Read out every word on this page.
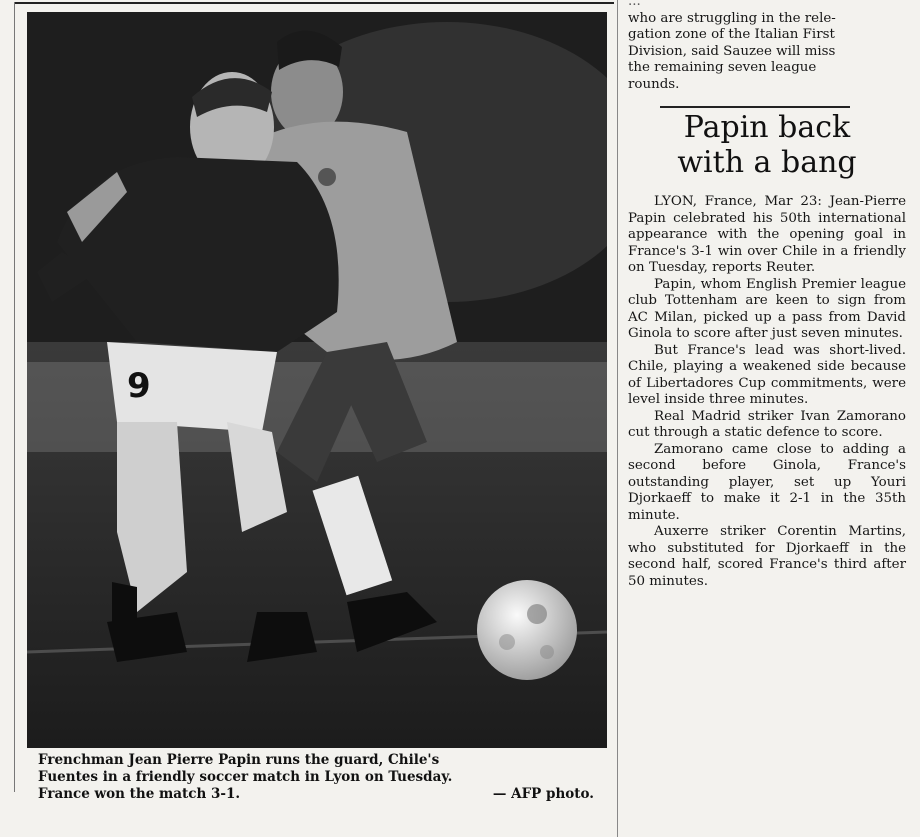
9

Frenchman Jean Pierre Papin runs the guard, Chile's

Fuentes in a friendly soccer match in Lyon on Tuesday.

France won the match 3-1.	— AFP photo.

...

who are struggling in the rele-

gation zone of the Italian First

Division, said Sauzee will miss

the remaining seven league

rounds.

Papin back
with a bang

LYON, France, Mar 23: Jean-Pierre Papin celebrated his 50th international appearance with the opening goal in France's 3-1 win over Chile in a friendly on Tuesday, reports Reuter.

Papin, whom English Premier league club Tottenham are keen to sign from AC Milan, picked up a pass from David Ginola to score after just seven minutes.

But France's lead was short-lived. Chile, playing a weakened side because of Libertadores Cup commitments, were level inside three minutes.

Real Madrid striker Ivan Zamorano cut through a static defence to score.

Zamorano came close to adding a second before Ginola, France's outstanding player, set up Youri Djorkaeff to make it 2-1 in the 35th minute.

Auxerre striker Corentin Martins, who substituted for Djorkaeff in the second half, scored France's third after 50 minutes.
